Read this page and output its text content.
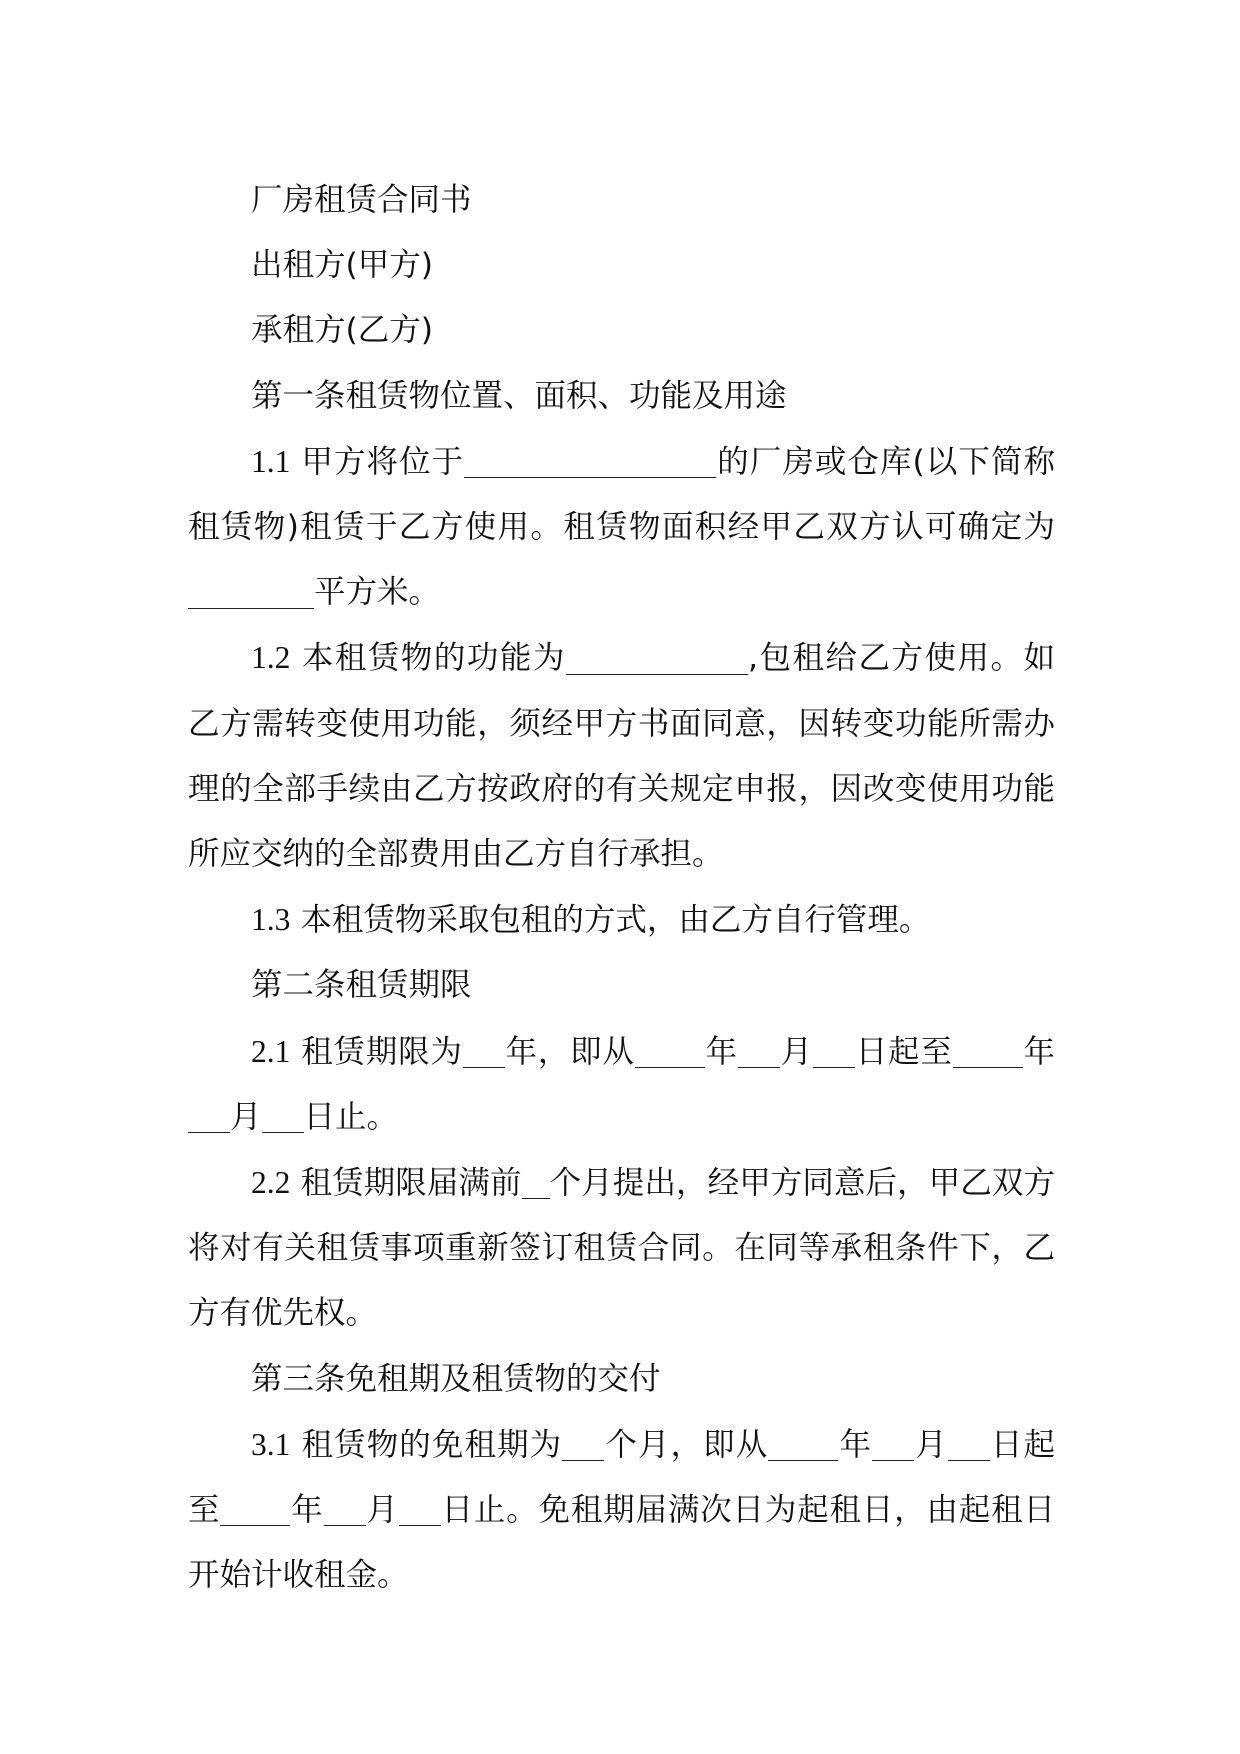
厂房租赁合同书

出租方(甲方)

承租方(乙方)

第一条租赁物位置、面积、功能及用途

1.1 甲方将位于	的厂房或仓库(以下简称租赁物)租赁于乙方使用。租赁物面积经甲乙双方认可确定为平方米。

1.2 本租赁物的功能为	,包租给乙方使用。如乙方需转变使用功能，须经甲方书面同意，因转变功能所需办理的全部手续由乙方按政府的有关规定申报，因改变使用功能所应交纳的全部费用由乙方自行承担。

1.3 本租赁物采取包租的方式，由乙方自行管理。

第二条租赁期限

2.1 租赁期限为 年，即从 年 月 日起至 年月 日止。

2.2 租赁期限届满前 个月提出，经甲方同意后，甲乙双方将对有关租赁事项重新签订租赁合同。在同等承租条件下，乙方有优先权。

第三条免租期及租赁物的交付

3.1 租赁物的免租期为 个月，即从 年 月 日起至 年 月 日止。免租期届满次日为起租日，由起租日开始计收租金。
